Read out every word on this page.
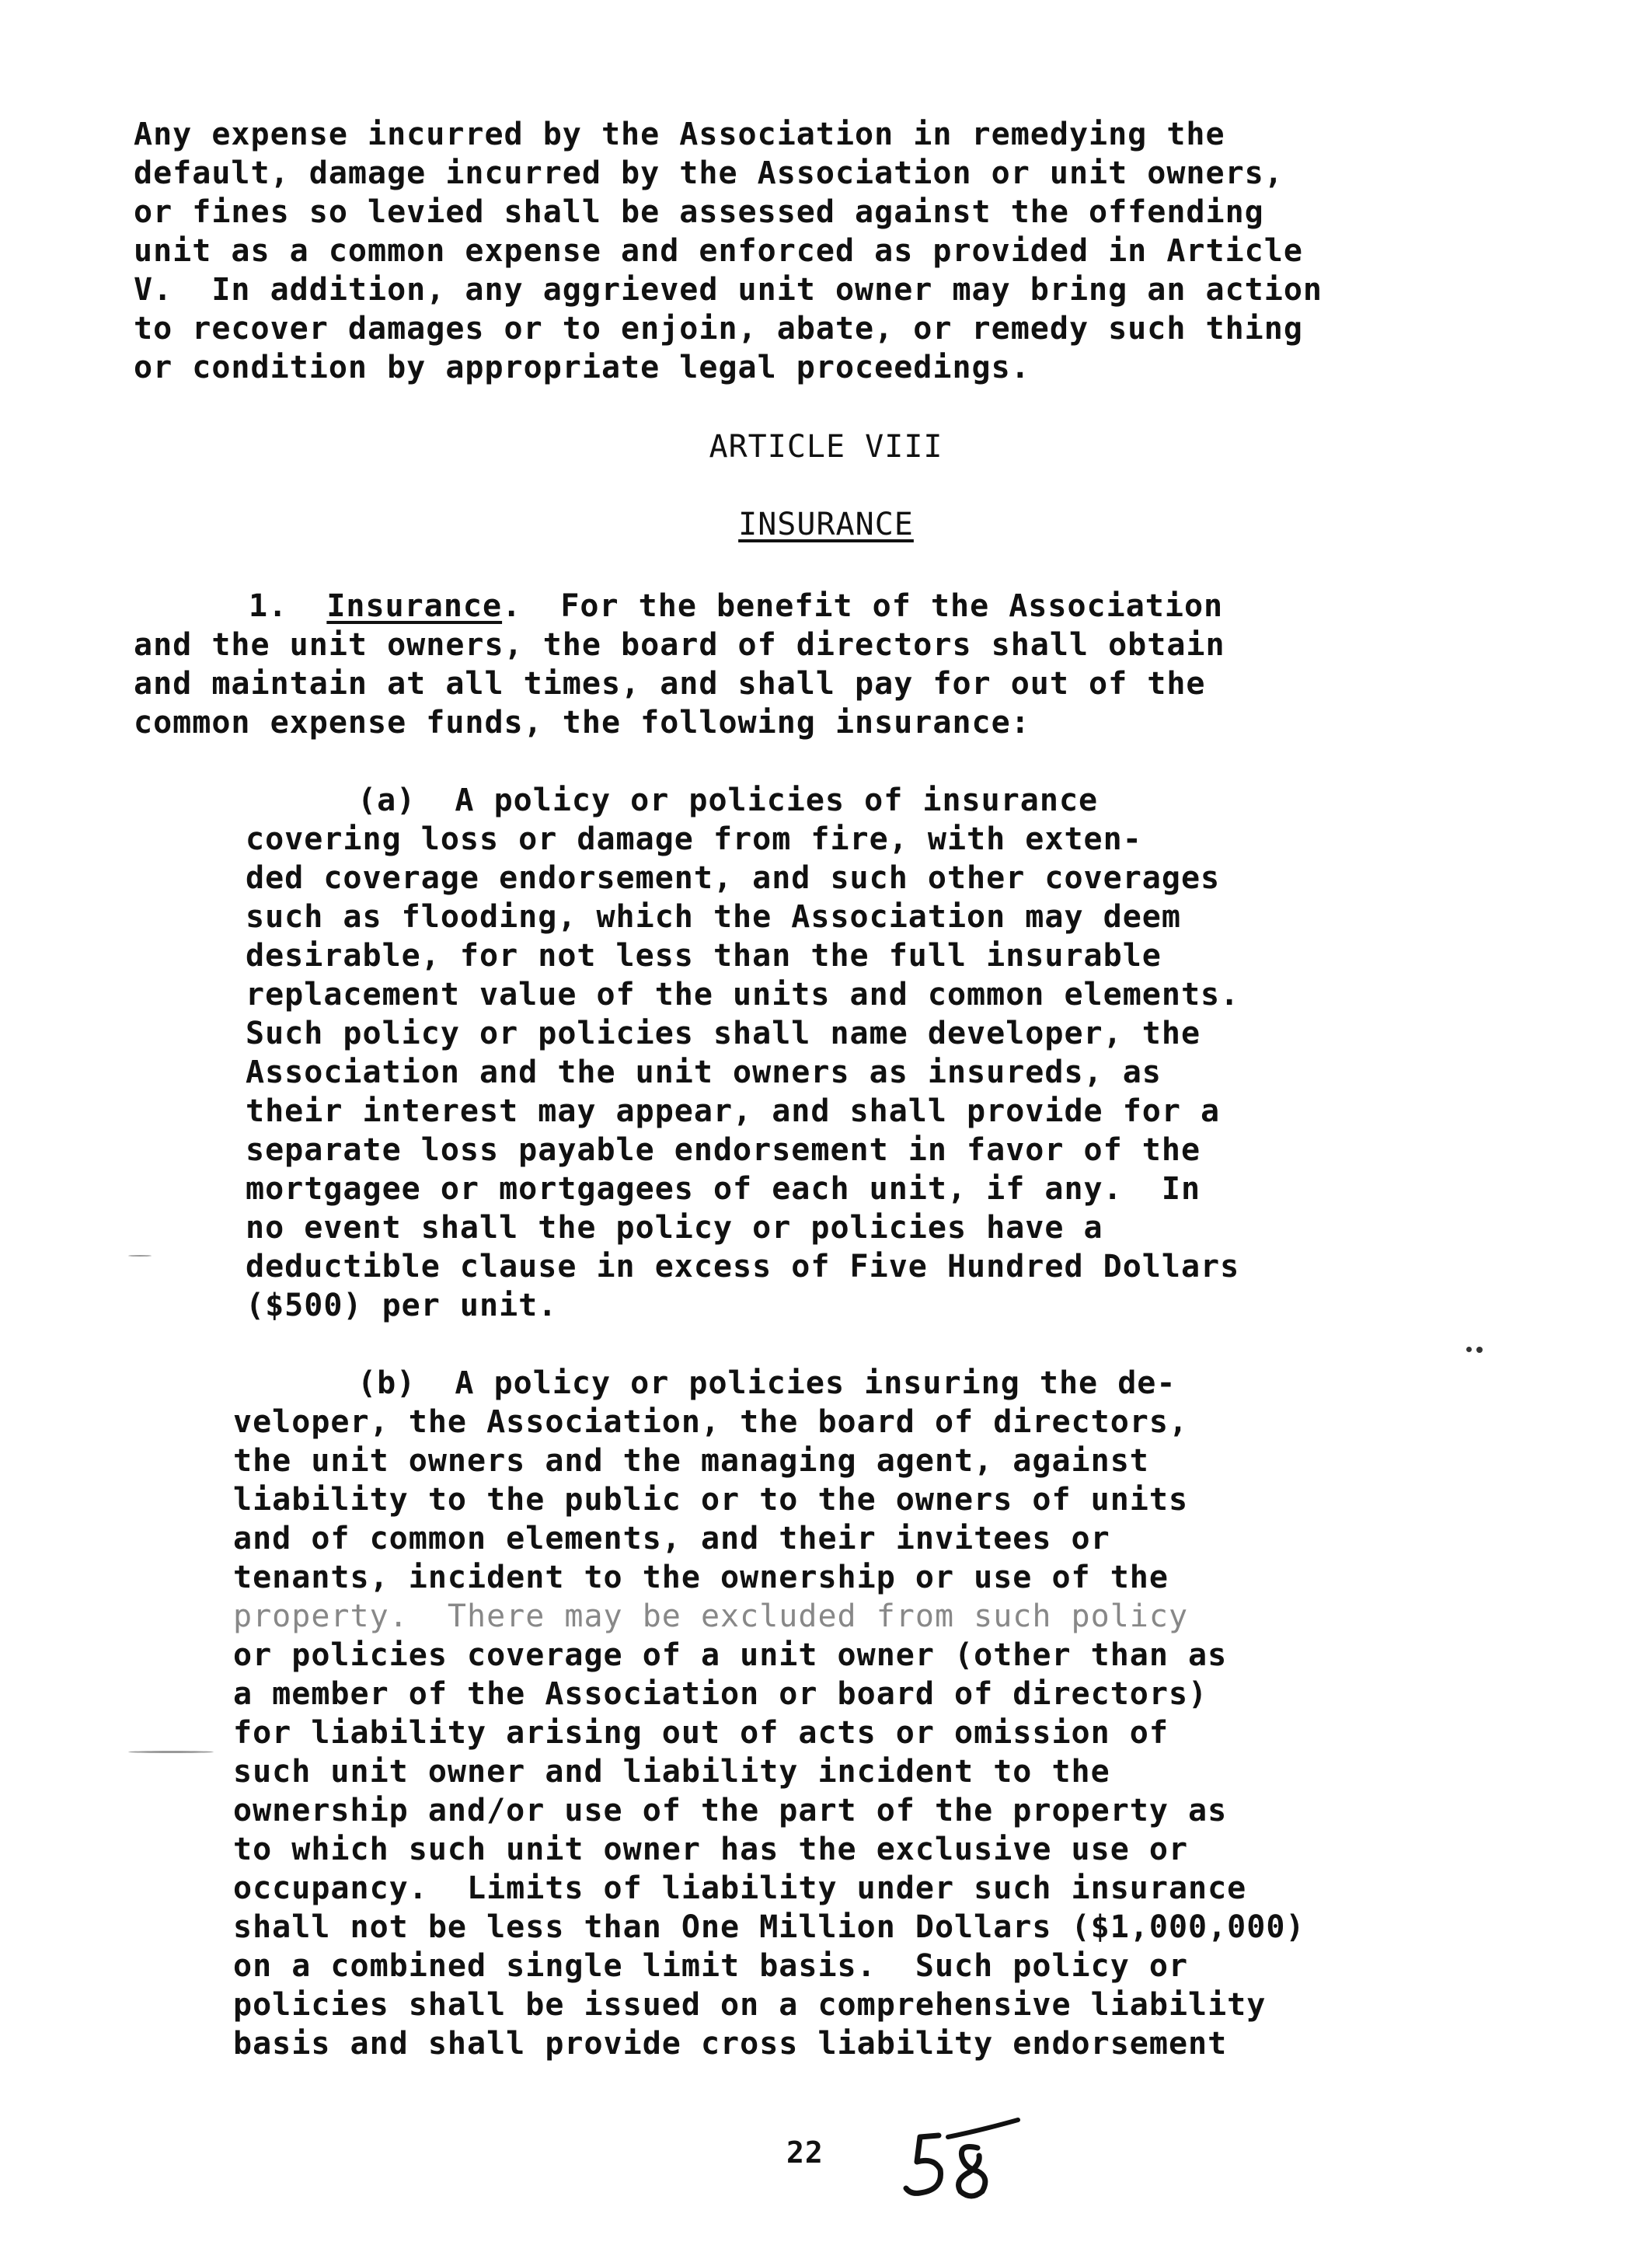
Any expense incurred by the Association in remedying the
default, damage incurred by the Association or unit owners,
or fines so levied shall be assessed against the offending
unit as a common expense and enforced as provided in Article
V.  In addition, any aggrieved unit owner may bring an action
to recover damages or to enjoin, abate, or remedy such thing
or condition by appropriate legal proceedings.
ARTICLE VIII
INSURANCE
1. Insurance.  For the benefit of the Association
and the unit owners, the board of directors shall obtain
and maintain at all times, and shall pay for out of the
common expense funds, the following insurance:
(a)  A policy or policies of insurance
covering loss or damage from fire, with exten-
ded coverage endorsement, and such other coverages
such as flooding, which the Association may deem
desirable, for not less than the full insurable
replacement value of the units and common elements.
Such policy or policies shall name developer, the
Association and the unit owners as insureds, as
their interest may appear, and shall provide for a
separate loss payable endorsement in favor of the
mortgagee or mortgagees of each unit, if any.  In
no event shall the policy or policies have a
deductible clause in excess of Five Hundred Dollars
($500) per unit.
(b)  A policy or policies insuring the de-
veloper, the Association, the board of directors,
the unit owners and the managing agent, against
liability to the public or to the owners of units
and of common elements, and their invitees or
tenants, incident to the ownership or use of the
property.  There may be excluded from such policy
or policies coverage of a unit owner (other than as
a member of the Association or board of directors)
for liability arising out of acts or omission of
such unit owner and liability incident to the
ownership and/or use of the part of the property as
to which such unit owner has the exclusive use or
occupancy.  Limits of liability under such insurance
shall not be less than One Million Dollars ($1,000,000)
on a combined single limit basis.  Such policy or
policies shall be issued on a comprehensive liability
basis and shall provide cross liability endorsement
22
